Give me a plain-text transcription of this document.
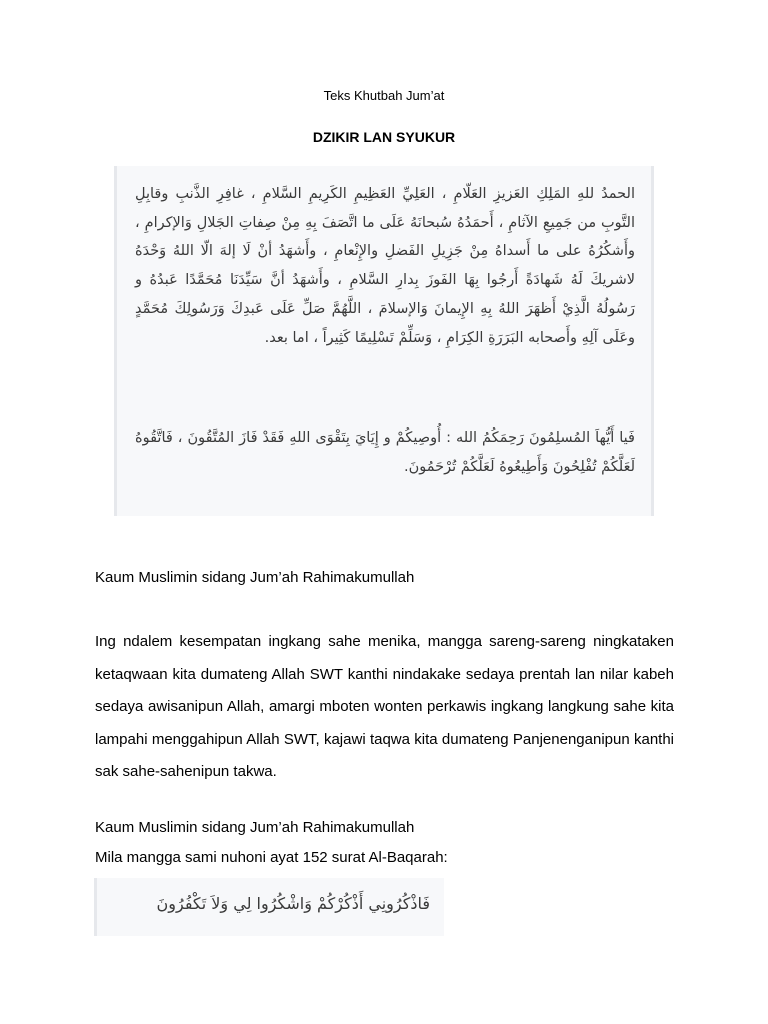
Teks Khutbah Jum’at
DZIKIR LAN SYUKUR

الحمدُ للهِ المَلِكِ العَزيزِ العَلّامِ ، العَلِيِّ العَظِيمِ الكَرِيمِ السَّلامِ ، غافِرِ الذَّنبِ وقابِلِ التَّوبِ من جَمِيعِ الآثامِ ، أَحمَدُهُ سُبحانَهُ عَلَى ما اتَّصَفَ بِهِ مِنْ صِفاتِ الجَلالِ وَالإكرامِ ، وأَشكُرُهُ على ما أَسداهُ مِنْ جَزِيلِ الفَضلِ والإِنْعامِ ، وأَشهَدُ أنْ لَا إلهَ الّا اللهُ وَحْدَهُ لاشريكَ لَهُ شَهادَةً أَرجُوا بِهَا الفَوزَ بِدارِ السَّلامِ ، وأَشهَدُ أنَّ سَيِّدَنَا مُحَمَّدًا عَبدُهُ و رَسُولُهُ الَّذِيْ أَظهَرَ اللهُ بِهِ الإِيمانَ وَالإسلامَ ، اللَّهُمَّ صَلِّ عَلَى عَبدِكَ وَرَسُولِكَ مُحَمَّدٍ وعَلَى آلِهِ وأَصحابه البَرَرَةِ الكِرَامِ ، وَسَلِّمْ تَسْلِيمًا كَثِيراً ، اما بعد.

فَيا أَيُّهاَ المُسلِمُونَ رَحِمَكُمُ الله : أُوصِيكُمْ و إِيَايَ بِتَقْوَى اللهِ فَقَدْ فَازَ المُتَّقُونَ ، فَاتَّقُوهُ لَعَلَّكُمْ تُفْلِحُونَ وَأَطِيعُوهُ لَعَلَّكُمْ تُرْحَمُونَ.

Kaum Muslimin sidang Jum’ah Rahimakumullah

Ing ndalem kesempatan ingkang sahe menika, mangga sareng-sareng ningkataken ketaqwaan kita dumateng Allah SWT kanthi nindakake sedaya prentah lan nilar kabeh sedaya awisanipun Allah, amargi mboten wonten perkawis ingkang langkung sahe kita lampahi menggahipun Allah SWT, kajawi taqwa kita dumateng Panjenenganipun kanthi sak sahe-sahenipun takwa.

Kaum Muslimin sidang Jum’ah Rahimakumullah

Mila mangga sami nuhoni ayat 152 surat Al-Baqarah:

فَاذْكُرُونِي أَذْكُرْكُمْ وَاشْكُرُوا لِي وَلاَ تَكْفُرُونَ
